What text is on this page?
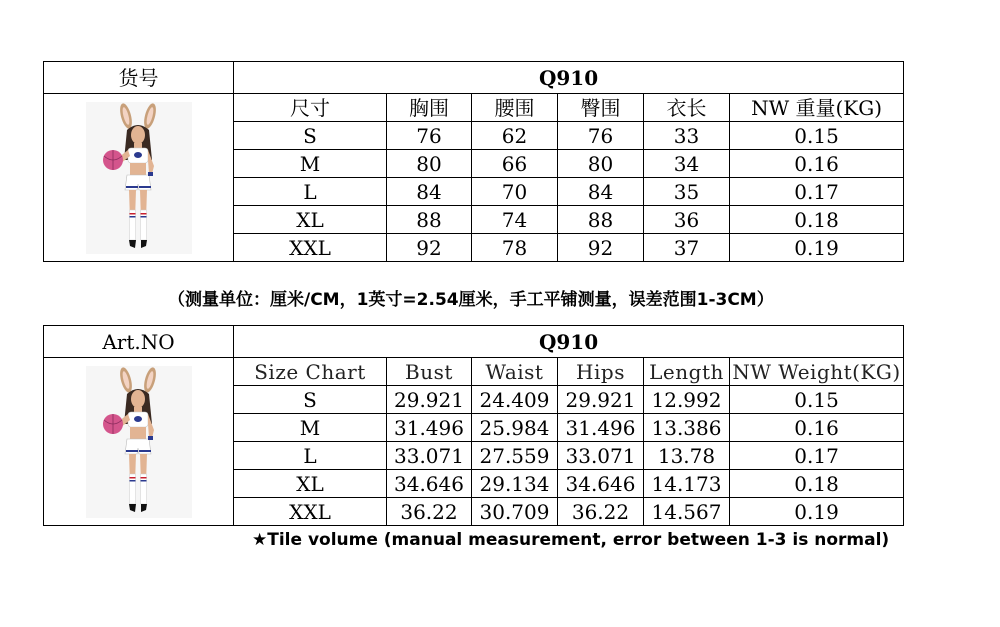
货号	Q910					

	尺寸	胸围	腰围	臀围	衣长	NW 重量(KG)
	S	76	62	76	33	0.15
	M	80	66	80	34	0.16
	L	84	70	84	35	0.17
	XL	88	74	88	36	0.18
	XXL	92	78	92	37	0.19
（测量单位：厘米/CM，1英寸=2.54厘米，手工平铺测量，误差范围1-3CM）
Art.NO	Q910					

	Size Chart	Bust	Waist	Hips	Length	NW Weight(KG)
	S	29.921	24.409	29.921	12.992	0.15
	M	31.496	25.984	31.496	13.386	0.16
	L	33.071	27.559	33.071	13.78	0.17
	XL	34.646	29.134	34.646	14.173	0.18
	XXL	36.22	30.709	36.22	14.567	0.19
★Tile volume (manual measurement, error between 1-3 is normal)
